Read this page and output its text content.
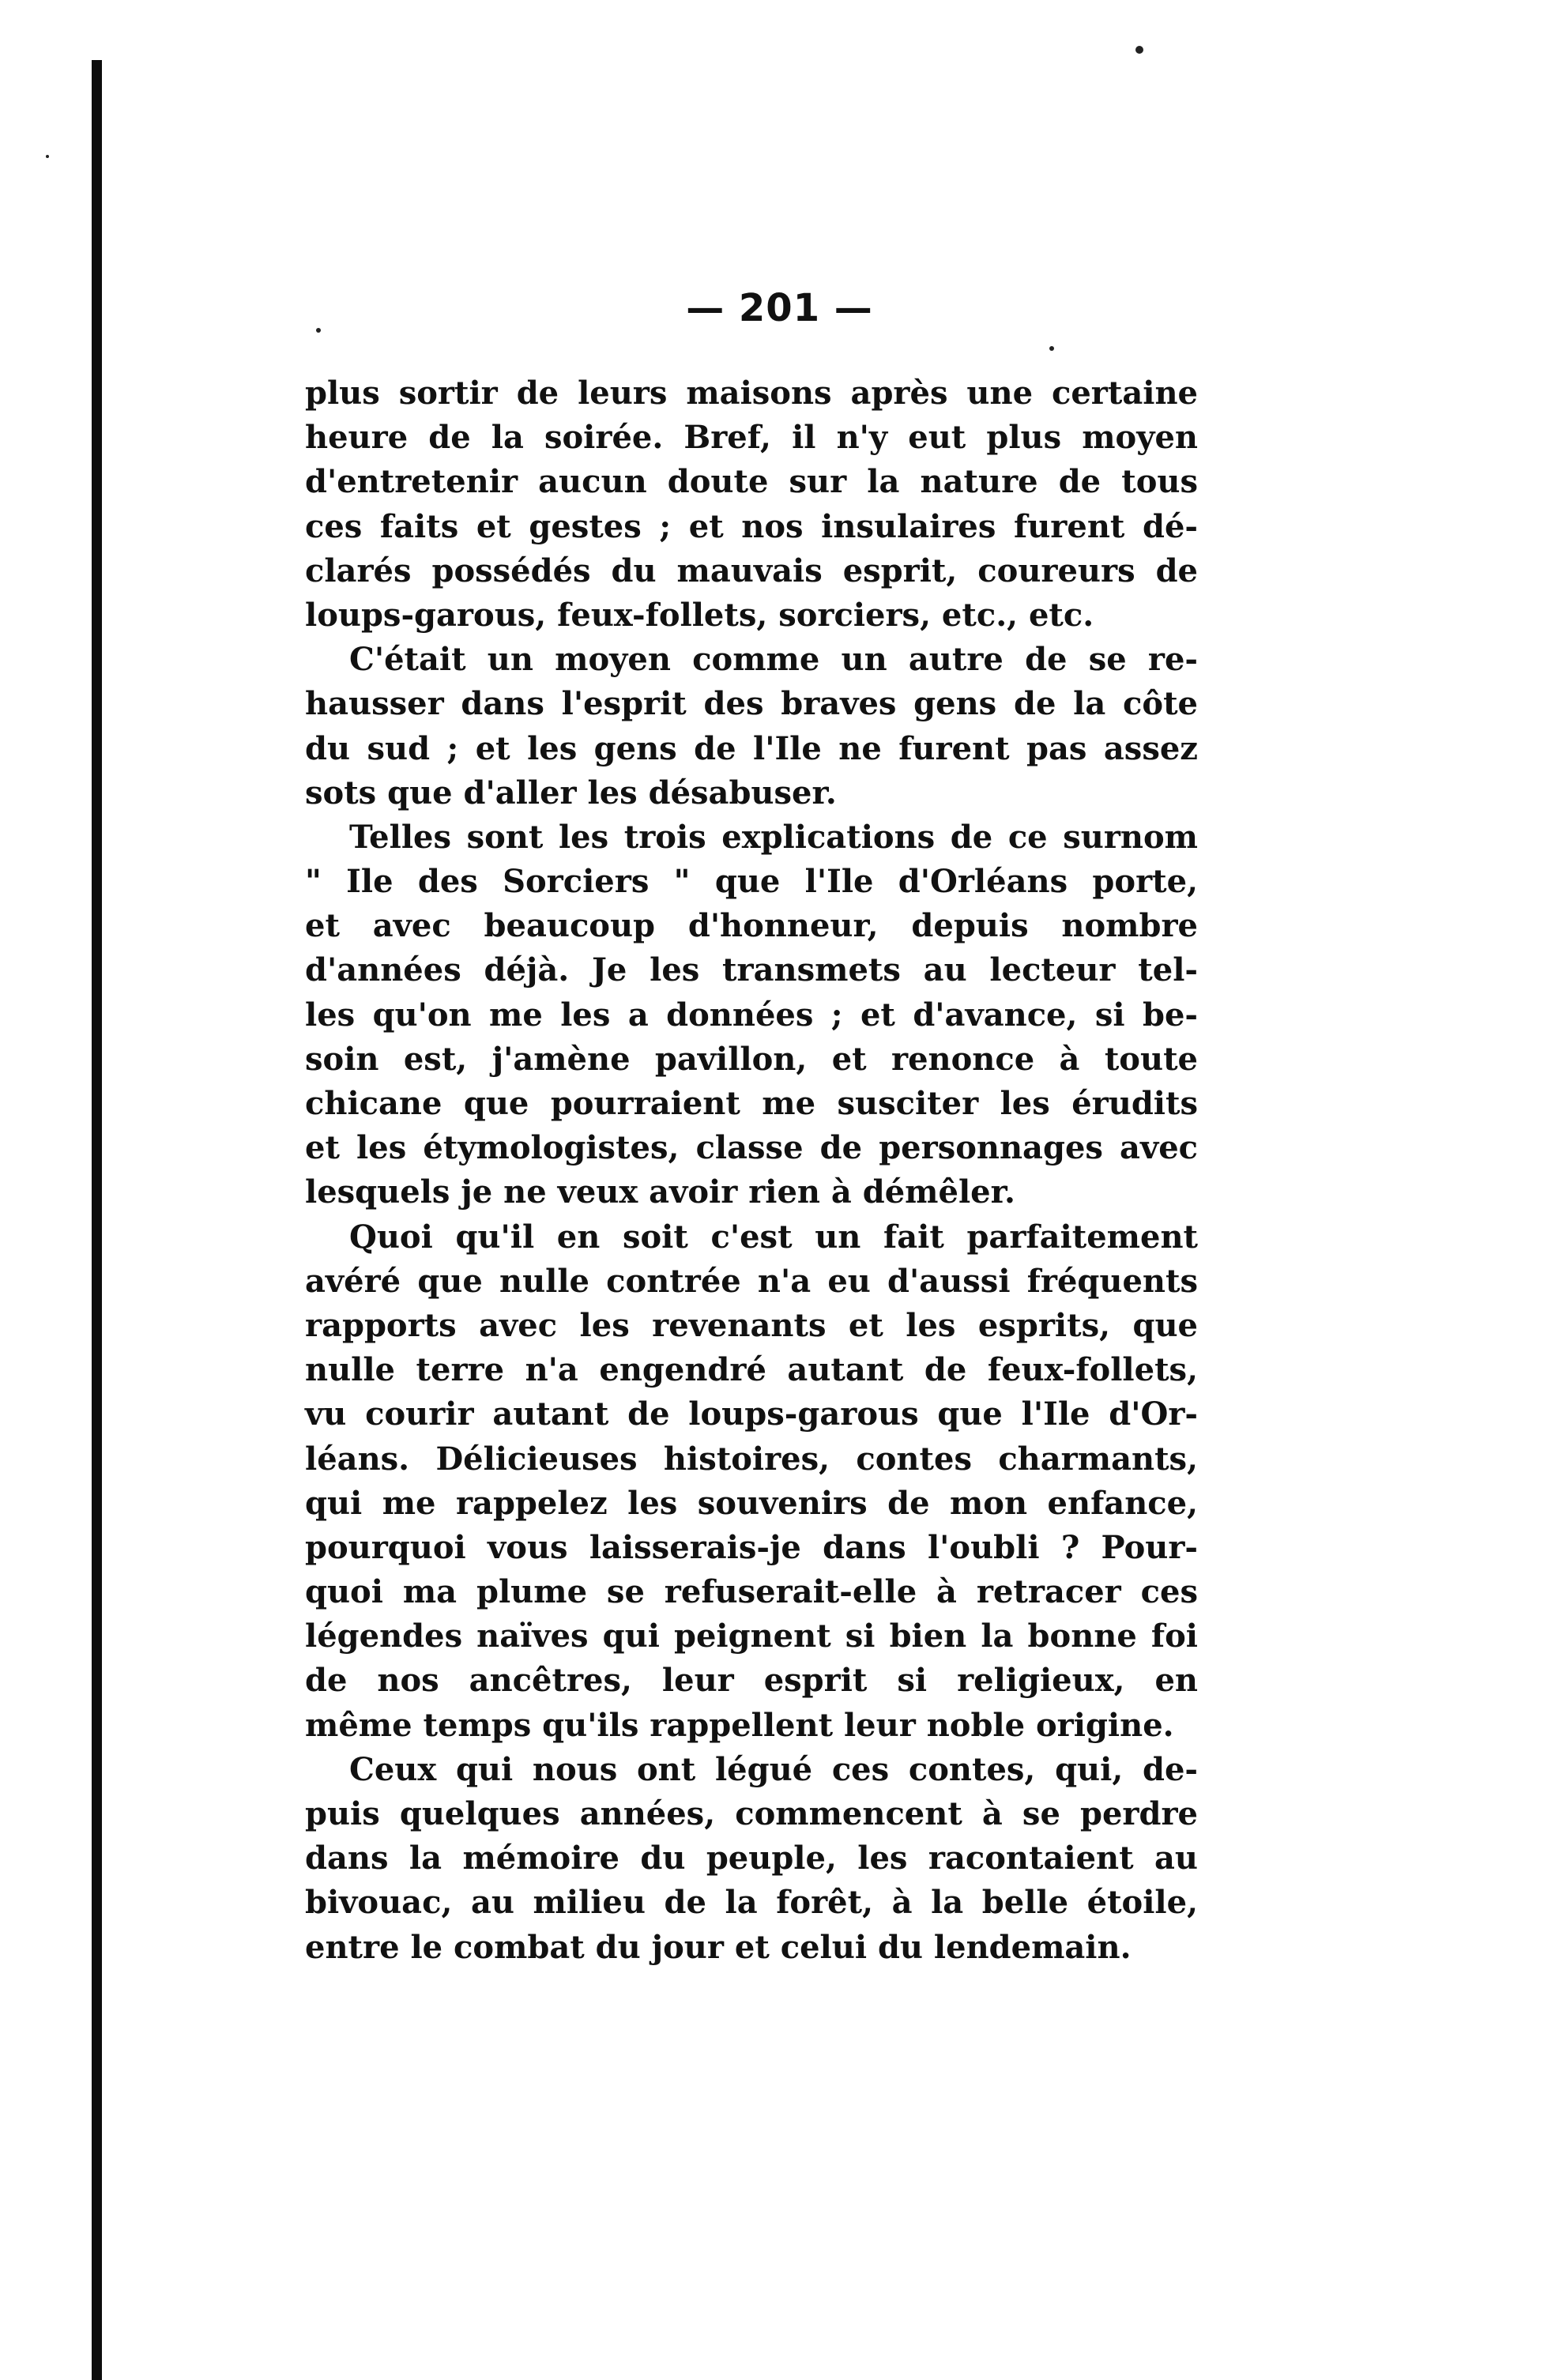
— 201 —
plus sortir de leurs maisons après une certaine
heure de la soirée. Bref, il n'y eut plus moyen
d'entretenir aucun doute sur la nature de tous
ces faits et gestes ; et nos insulaires furent dé-
clarés possédés du mauvais esprit, coureurs de
loups-garous, feux-follets, sorciers, etc., etc.
C'était un moyen comme un autre de se re-
hausser dans l'esprit des braves gens de la côte
du sud ; et les gens de l'Ile ne furent pas assez
sots que d'aller les désabuser.
Telles sont les trois explications de ce surnom
" Ile des Sorciers " que l'Ile d'Orléans porte,
et avec beaucoup d'honneur, depuis nombre
d'années déjà. Je les transmets au lecteur tel-
les qu'on me les a données ; et d'avance, si be-
soin est, j'amène pavillon, et renonce à toute
chicane que pourraient me susciter les érudits
et les étymologistes, classe de personnages avec
lesquels je ne veux avoir rien à démêler.
Quoi qu'il en soit c'est un fait parfaitement
avéré que nulle contrée n'a eu d'aussi fréquents
rapports avec les revenants et les esprits, que
nulle terre n'a engendré autant de feux-follets,
vu courir autant de loups-garous que l'Ile d'Or-
léans. Délicieuses histoires, contes charmants,
qui me rappelez les souvenirs de mon enfance,
pourquoi vous laisserais-je dans l'oubli ? Pour-
quoi ma plume se refuserait-elle à retracer ces
légendes naïves qui peignent si bien la bonne foi
de nos ancêtres, leur esprit si religieux, en
même temps qu'ils rappellent leur noble origine.
Ceux qui nous ont légué ces contes, qui, de-
puis quelques années, commencent à se perdre
dans la mémoire du peuple, les racontaient au
bivouac, au milieu de la forêt, à la belle étoile,
entre le combat du jour et celui du lendemain.
